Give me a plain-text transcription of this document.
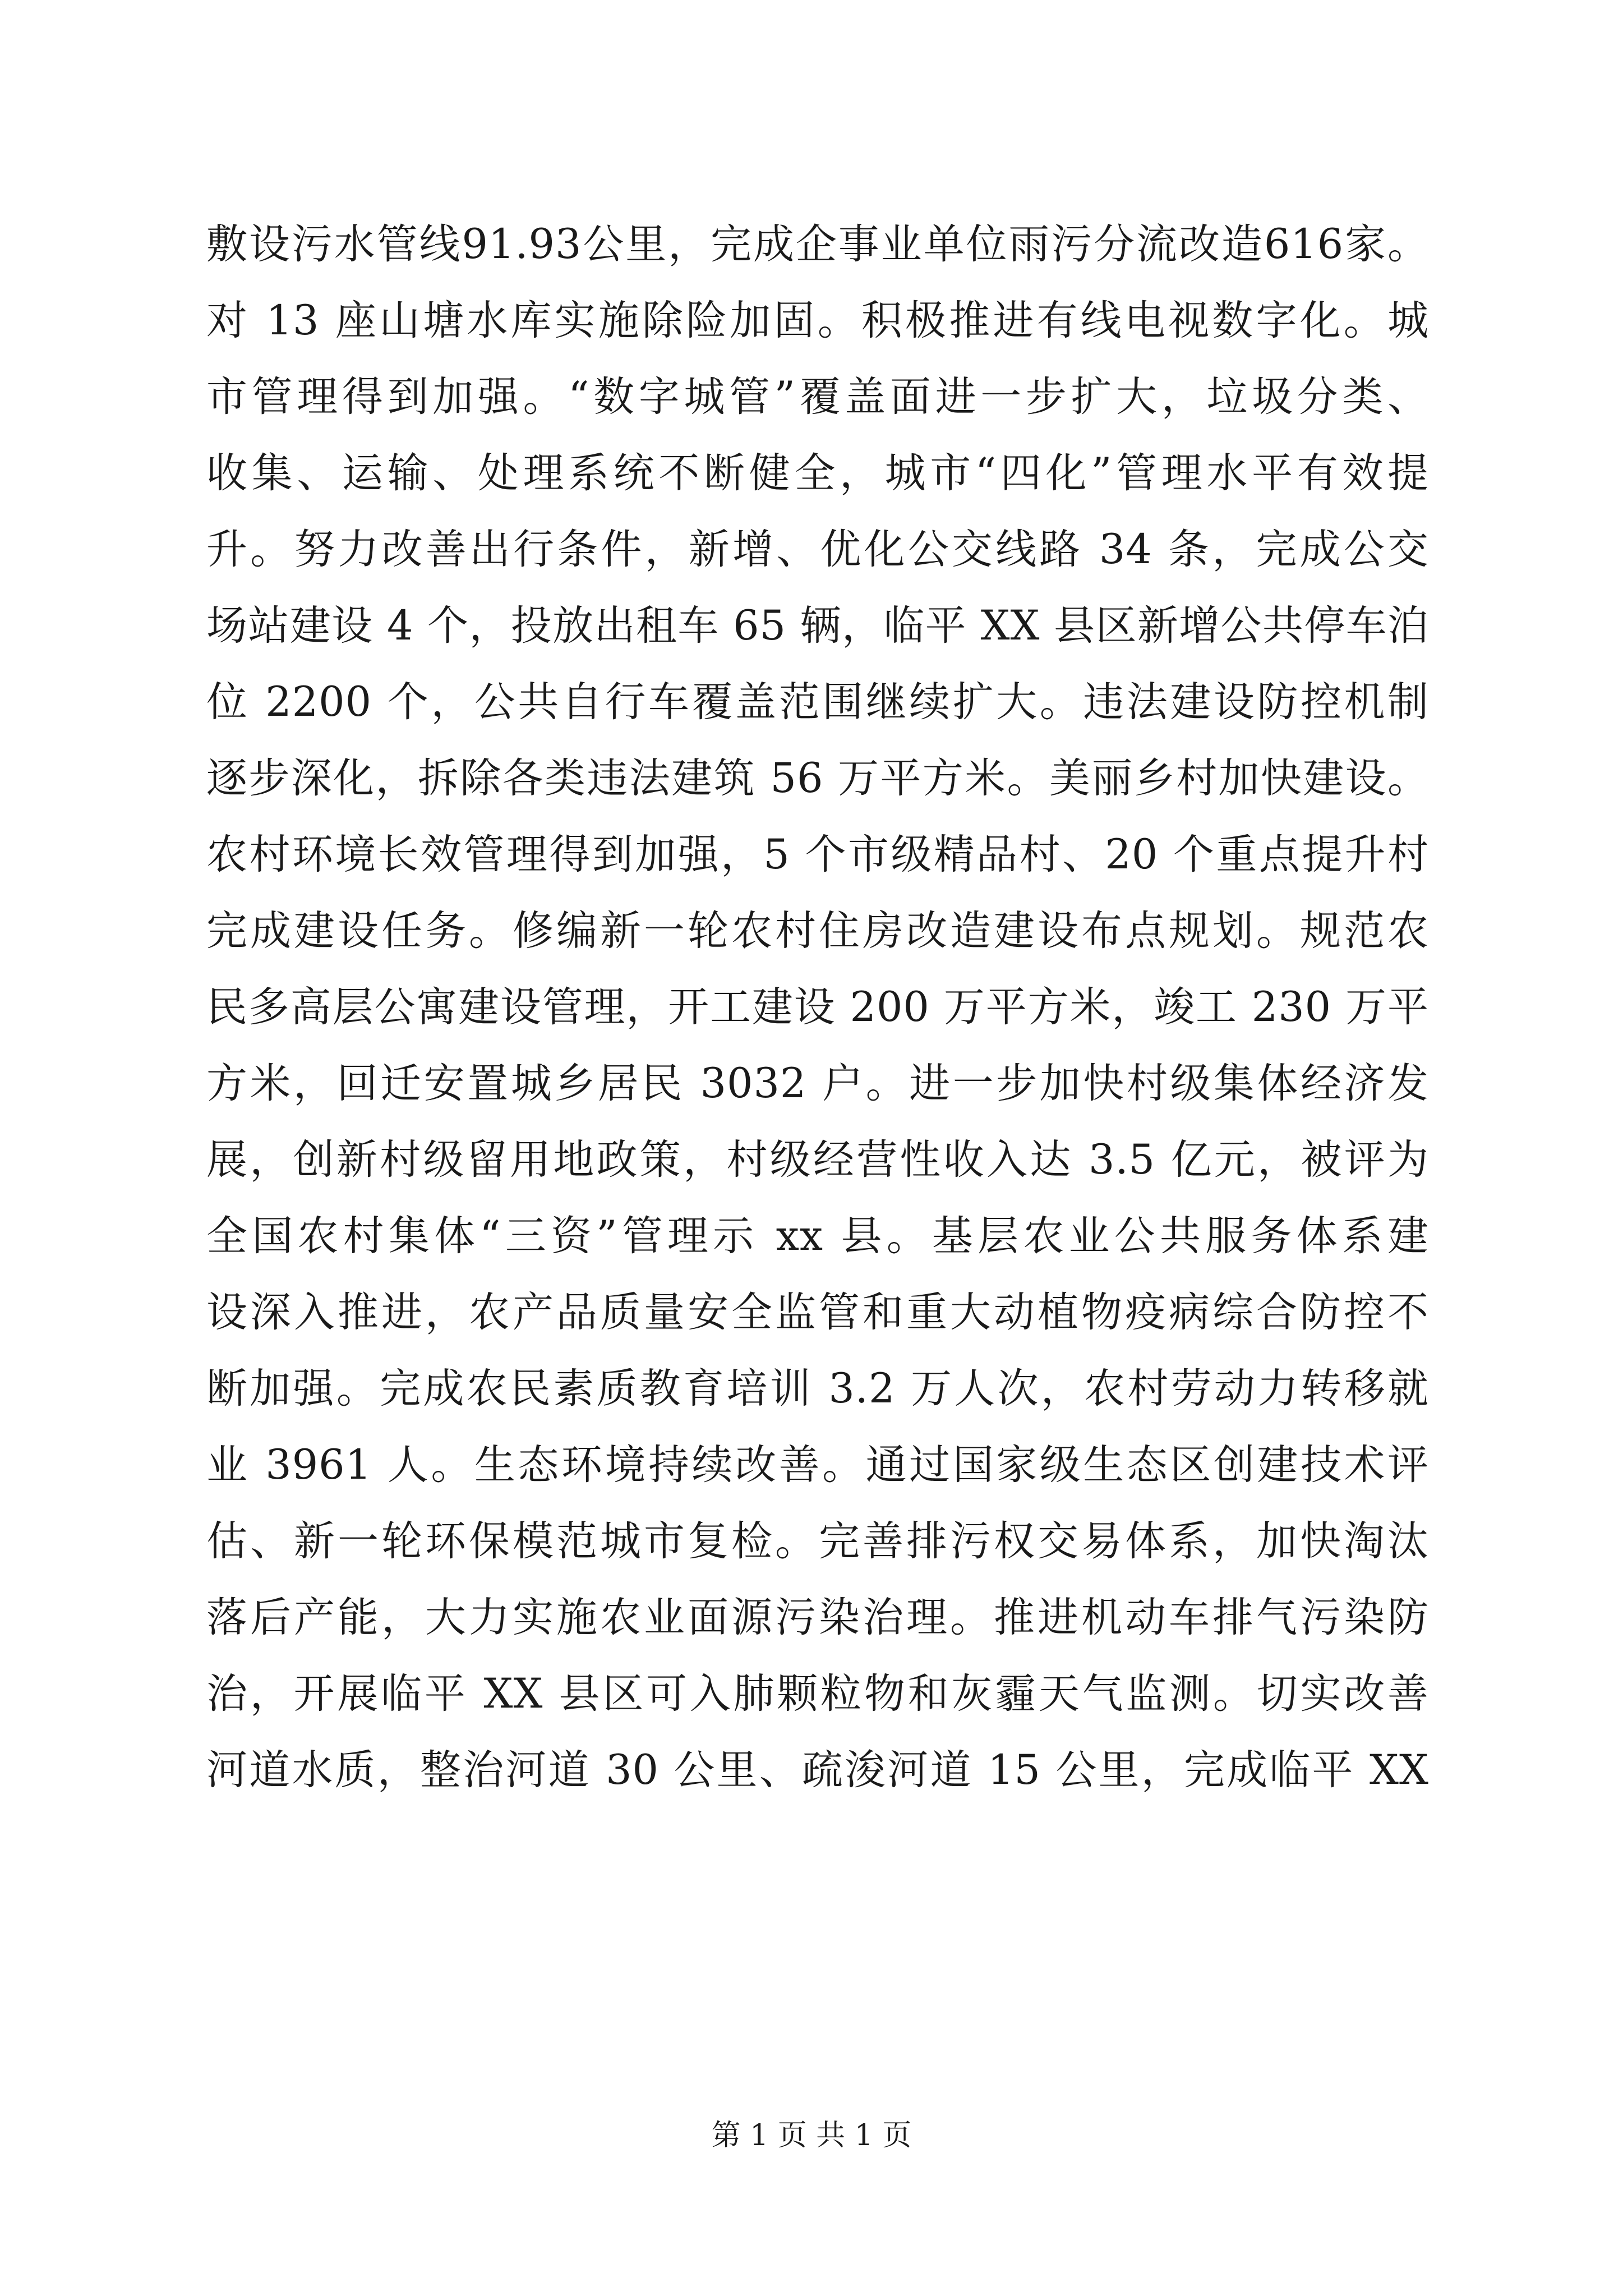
敷设污水管线91.93公里，完成企事业单位雨污分流改造616家。
对 13 座山塘水库实施除险加固。积极推进有线电视数字化。城
市管理得到加强。“数字城管”覆盖面进一步扩大，垃圾分类、
收集、运输、处理系统不断健全，城市“四化”管理水平有效提
升。努力改善出行条件，新增、优化公交线路 34 条，完成公交
场站建设 4 个，投放出租车 65 辆，临平 XX 县区新增公共停车泊
位 2200 个，公共自行车覆盖范围继续扩大。违法建设防控机制
逐步深化，拆除各类违法建筑 56 万平方米。美丽乡村加快建设。
农村环境长效管理得到加强，5 个市级精品村、20 个重点提升村
完成建设任务。修编新一轮农村住房改造建设布点规划。规范农
民多高层公寓建设管理，开工建设 200 万平方米，竣工 230 万平
方米，回迁安置城乡居民 3032 户。进一步加快村级集体经济发
展，创新村级留用地政策，村级经营性收入达 3.5 亿元，被评为
全国农村集体“三资”管理示 xx 县。基层农业公共服务体系建
设深入推进，农产品质量安全监管和重大动植物疫病综合防控不
断加强。完成农民素质教育培训 3.2 万人次，农村劳动力转移就
业 3961 人。生态环境持续改善。通过国家级生态区创建技术评
估、新一轮环保模范城市复检。完善排污权交易体系，加快淘汰
落后产能，大力实施农业面源污染治理。推进机动车排气污染防
治，开展临平 XX 县区可入肺颗粒物和灰霾天气监测。切实改善
河道水质，整治河道 30 公里、疏浚河道 15 公里，完成临平 XX
第 1 页 共 1 页
